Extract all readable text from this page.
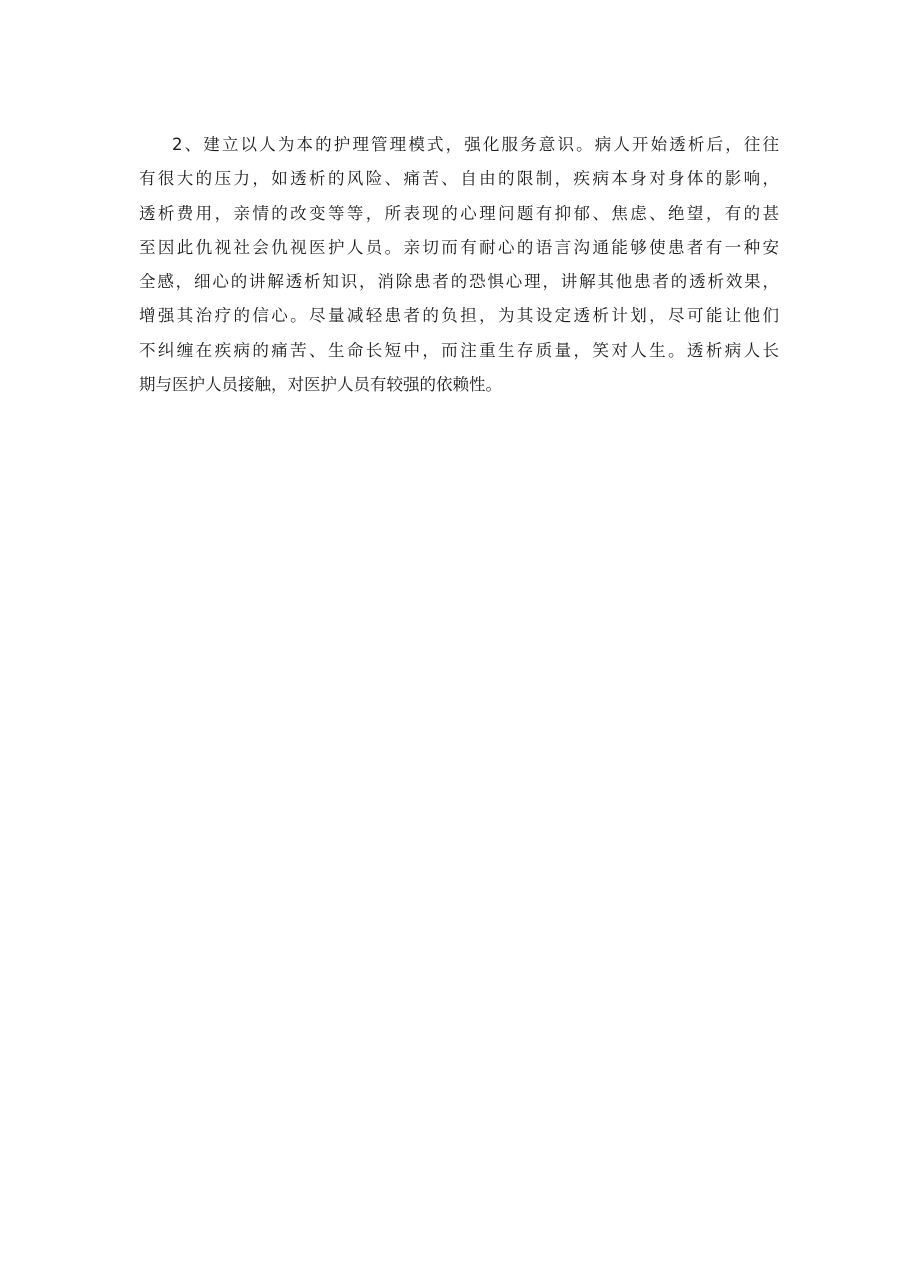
2、建立以人为本的护理管理模式，强化服务意识。病人开始透析后，往往
有很大的压力，如透析的风险、痛苦、自由的限制，疾病本身对身体的影响，
透析费用，亲情的改变等等，所表现的心理问题有抑郁、焦虑、绝望，有的甚
至因此仇视社会仇视医护人员。亲切而有耐心的语言沟通能够使患者有一种安
全感，细心的讲解透析知识，消除患者的恐惧心理，讲解其他患者的透析效果，
增强其治疗的信心。尽量减轻患者的负担，为其设定透析计划，尽可能让他们
不纠缠在疾病的痛苦、生命长短中，而注重生存质量，笑对人生。透析病人长
期与医护人员接触，对医护人员有较强的依赖性。
